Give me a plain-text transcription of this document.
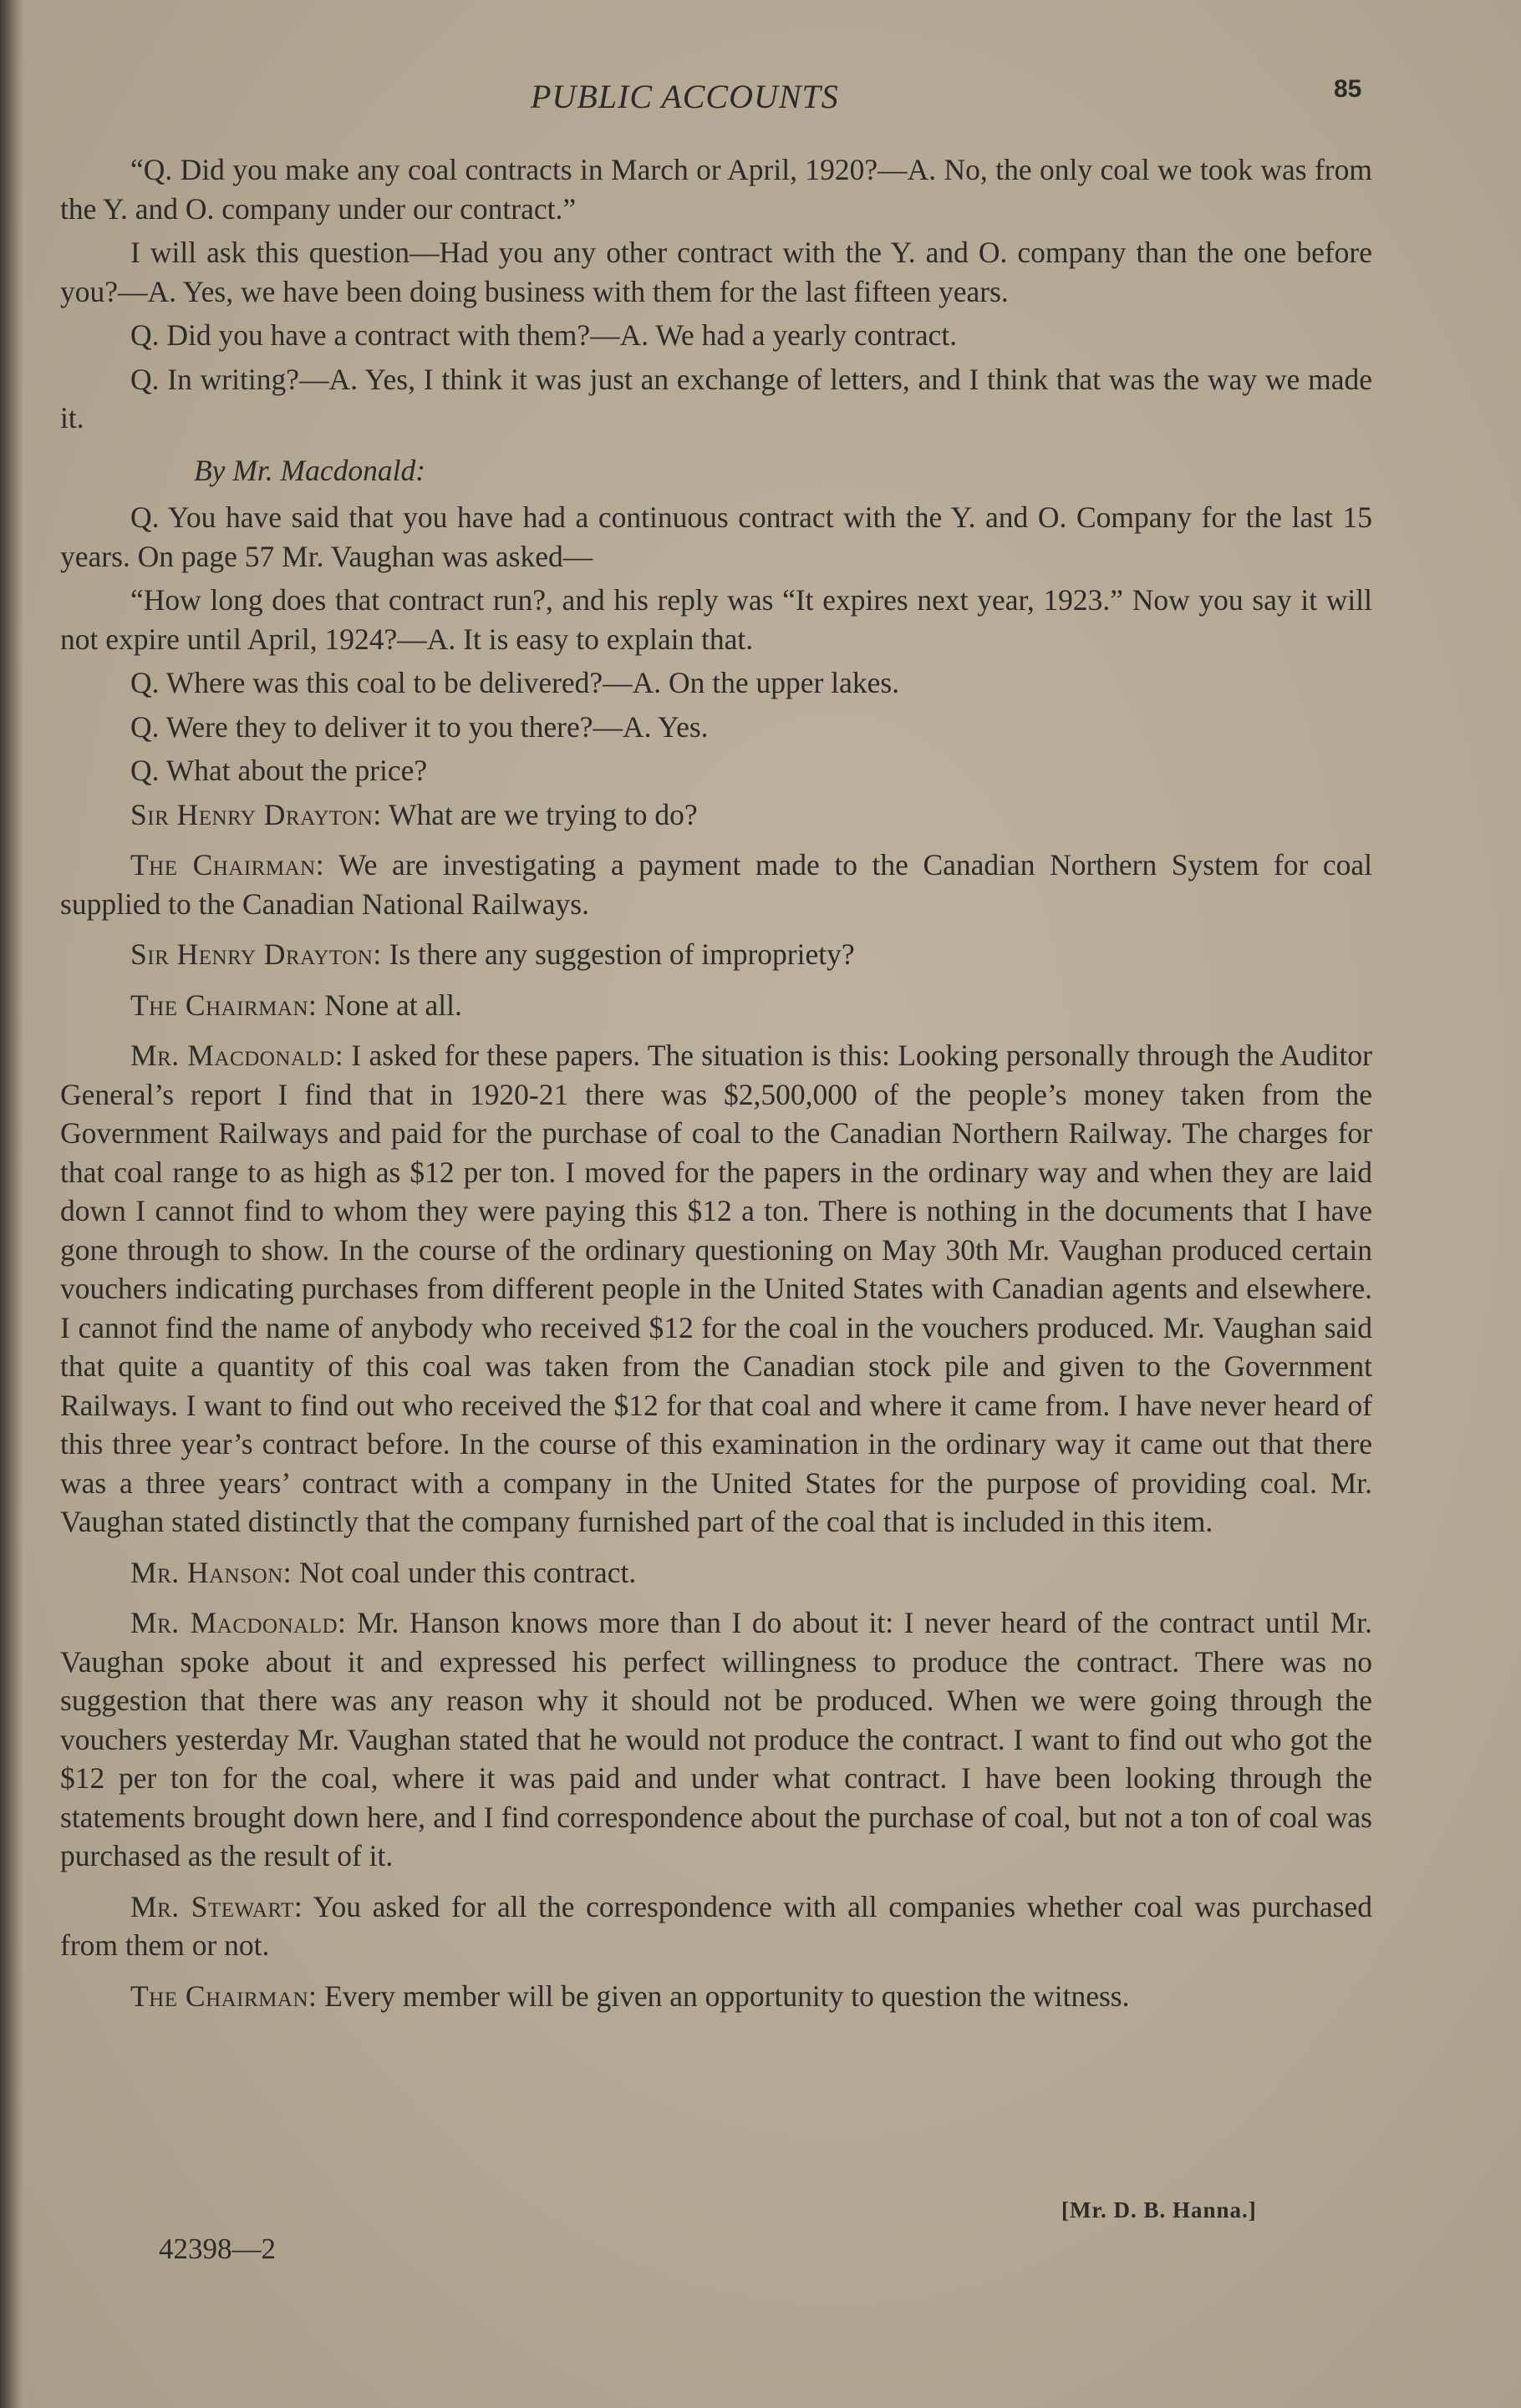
PUBLIC ACCOUNTS	85

“Q. Did you make any coal contracts in March or April, 1920?—A. No, the only coal we took was from the Y. and O. company under our contract.”

I will ask this question—Had you any other contract with the Y. and O. company than the one before you?—A. Yes, we have been doing business with them for the last fifteen years.

Q. Did you have a contract with them?—A. We had a yearly contract.

Q. In writing?—A. Yes, I think it was just an exchange of letters, and I think that was the way we made it.

By Mr. Macdonald:

Q. You have said that you have had a continuous contract with the Y. and O. Company for the last 15 years. On page 57 Mr. Vaughan was asked—

“How long does that contract run?, and his reply was “It expires next year, 1923.” Now you say it will not expire until April, 1924?—A. It is easy to explain that.

Q. Where was this coal to be delivered?—A. On the upper lakes.

Q. Were they to deliver it to you there?—A. Yes.

Q. What about the price?

Sir Henry Drayton: What are we trying to do?

The Chairman: We are investigating a payment made to the Canadian Northern System for coal supplied to the Canadian National Railways.

Sir Henry Drayton: Is there any suggestion of impropriety?

The Chairman: None at all.

Mr. Macdonald: I asked for these papers. The situation is this: Looking personally through the Auditor General’s report I find that in 1920-21 there was $2,500,000 of the people’s money taken from the Government Railways and paid for the purchase of coal to the Canadian Northern Railway. The charges for that coal range to as high as $12 per ton. I moved for the papers in the ordinary way and when they are laid down I cannot find to whom they were paying this $12 a ton. There is nothing in the documents that I have gone through to show. In the course of the ordinary questioning on May 30th Mr. Vaughan produced certain vouchers indicating purchases from different people in the United States with Canadian agents and elsewhere. I cannot find the name of anybody who received $12 for the coal in the vouchers produced. Mr. Vaughan said that quite a quantity of this coal was taken from the Canadian stock pile and given to the Government Railways. I want to find out who received the $12 for that coal and where it came from. I have never heard of this three year’s contract before. In the course of this examination in the ordinary way it came out that there was a three years’ contract with a company in the United States for the purpose of providing coal. Mr. Vaughan stated distinctly that the company furnished part of the coal that is included in this item.

Mr. Hanson: Not coal under this contract.

Mr. Macdonald: Mr. Hanson knows more than I do about it: I never heard of the contract until Mr. Vaughan spoke about it and expressed his perfect willingness to produce the contract. There was no suggestion that there was any reason why it should not be produced. When we were going through the vouchers yesterday Mr. Vaughan stated that he would not produce the contract. I want to find out who got the $12 per ton for the coal, where it was paid and under what contract. I have been looking through the statements brought down here, and I find correspondence about the purchase of coal, but not a ton of coal was purchased as the result of it.

Mr. Stewart: You asked for all the correspondence with all companies whether coal was purchased from them or not.

The Chairman: Every member will be given an opportunity to question the witness.

[Mr. D. B. Hanna.]
42398—2
